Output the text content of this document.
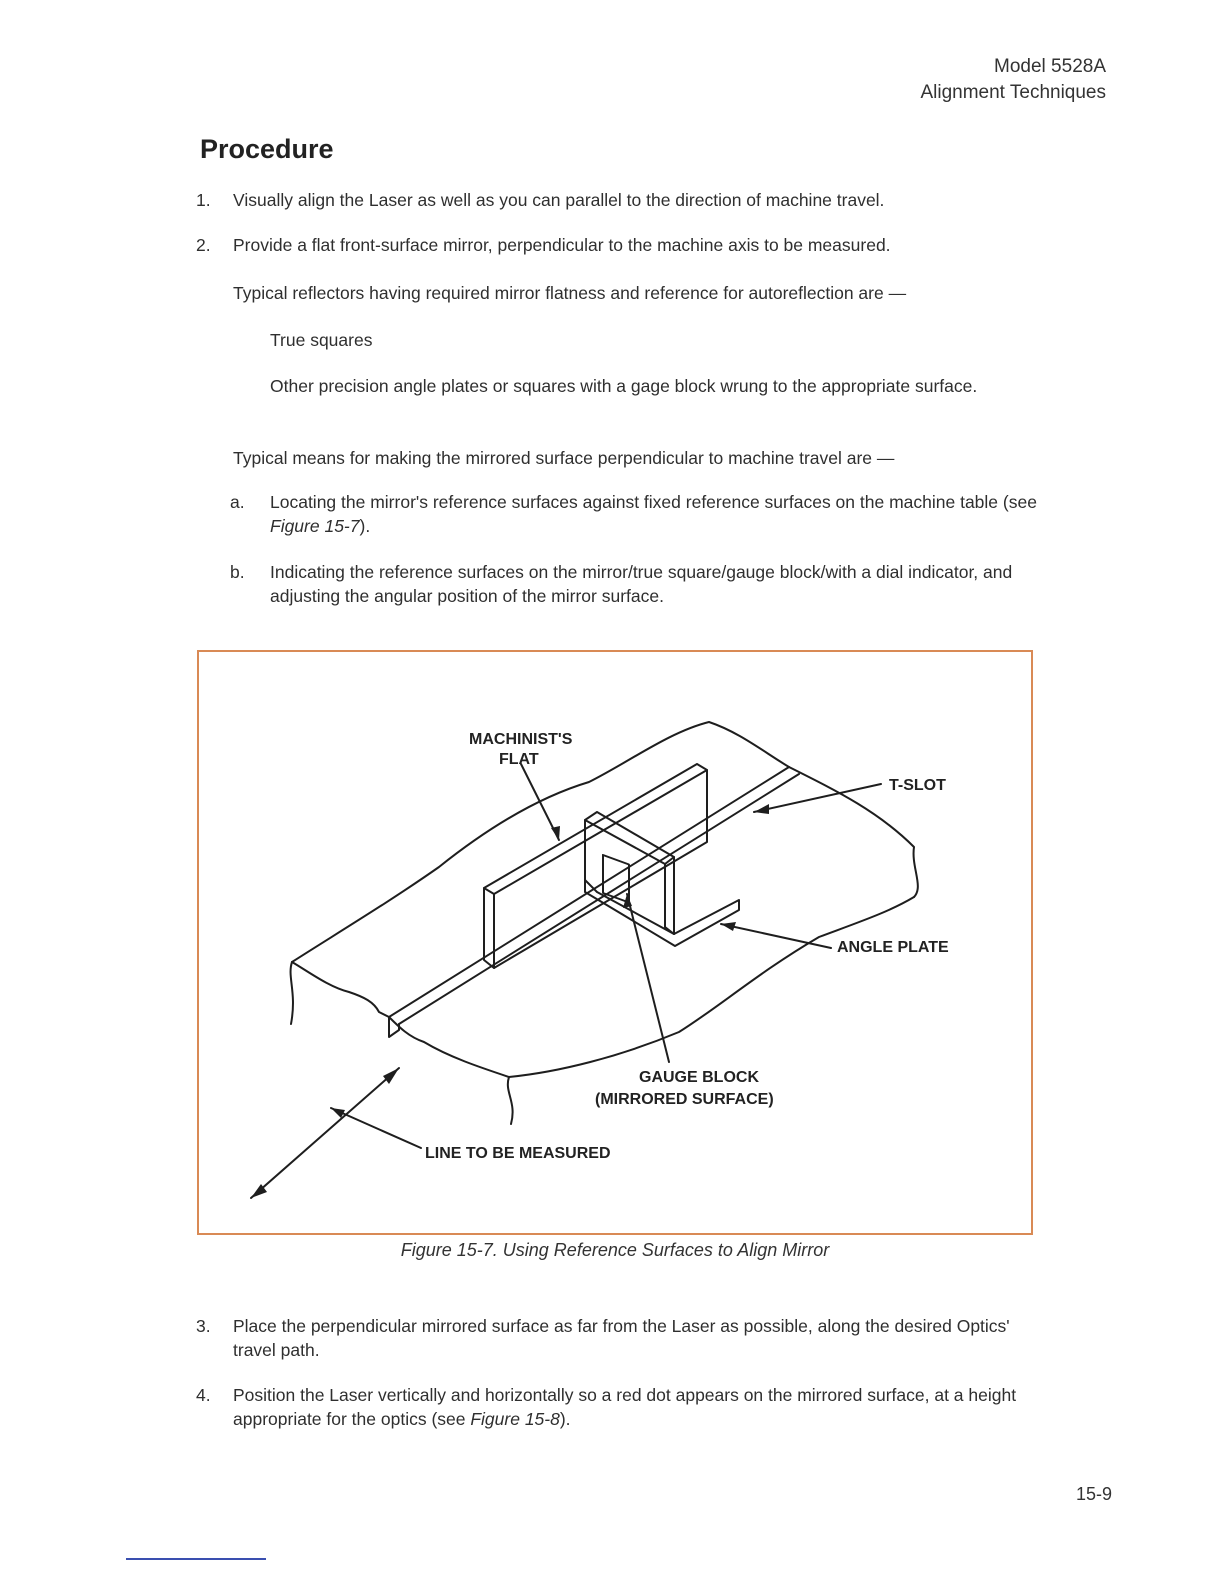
Model 5528A
Alignment Techniques
Procedure
1. Visually align the Laser as well as you can parallel to the direction of machine travel.
2. Provide a flat front-surface mirror, perpendicular to the machine axis to be measured.
Typical reflectors having required mirror flatness and reference for autoreflection are —
True squares
Other precision angle plates or squares with a gage block wrung to the appropriate surface.
Typical means for making the mirrored surface perpendicular to machine travel are —
a. Locating the mirror's reference surfaces against fixed reference surfaces on the machine table (see Figure 15-7).
b. Indicating the reference surfaces on the mirror/true square/gauge block/with a dial indicator, and adjusting the angular position of the mirror surface.
MACHINIST'S
FLAT
T-SLOT
ANGLE PLATE
GAUGE BLOCK
(MIRRORED SURFACE)
LINE TO BE MEASURED
Figure 15-7. Using Reference Surfaces to Align Mirror
3. Place the perpendicular mirrored surface as far from the Laser as possible, along the desired Optics' travel path.
4. Position the Laser vertically and horizontally so a red dot appears on the mirrored surface, at a height appropriate for the optics (see Figure 15-8).
15-9
